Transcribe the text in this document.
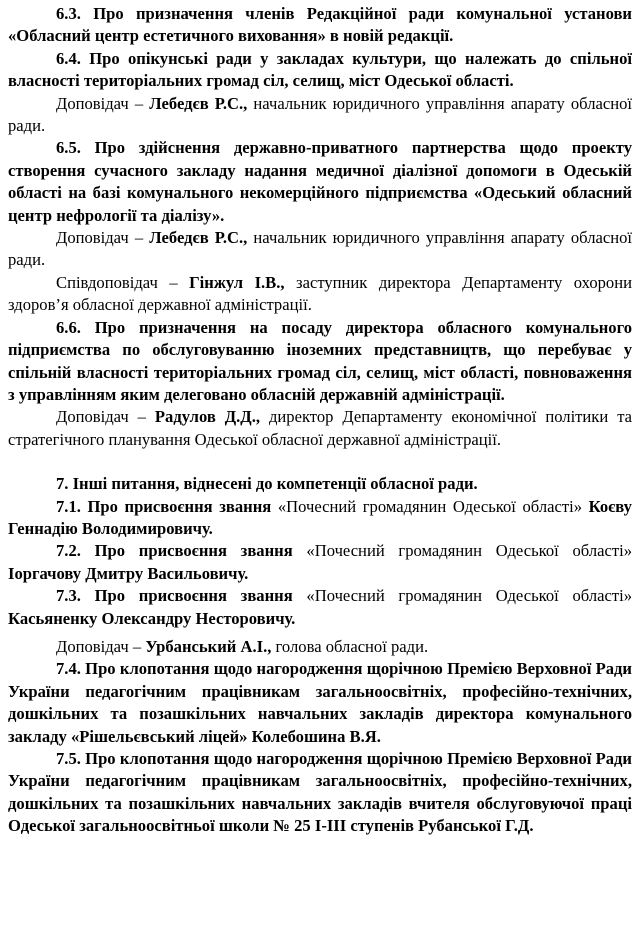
6.3. Про призначення членів Редакційної ради комунальної установи «Обласний центр естетичного виховання» в новій редакції.

6.4. Про опікунські ради у закладах культури, що належать до спільної власності територіальних громад сіл, селищ, міст Одеської області.

Доповідач – Лебедєв Р.С., начальник юридичного управління апарату обласної ради.

6.5. Про здійснення державно-приватного партнерства щодо проекту створення сучасного закладу надання медичної діалізної допомоги в Одеській області на базі комунального некомерційного підприємства «Одеський обласний центр нефрології та діалізу».

Доповідач – Лебедєв Р.С., начальник юридичного управління апарату обласної ради.

Співдоповідач – Гінжул І.В., заступник директора Департаменту охорони здоров’я обласної державної адміністрації.

6.6. Про призначення на посаду директора обласного комунального підприємства по обслуговуванню іноземних представництв, що перебуває у спільній власності територіальних громад сіл, селищ, міст області, повноваження з управлінням яким делеговано обласній державній адміністрації.

Доповідач – Радулов Д.Д., директор Департаменту економічної політики та стратегічного планування Одеської обласної державної адміністрації.

7. Інші питання, віднесені до компетенції обласної ради.

7.1. Про присвоєння звання «Почесний громадянин Одеської області» Коєву Геннадію Володимировичу.

7.2. Про присвоєння звання «Почесний громадянин Одеської області» Іоргачову Дмитру Васильовичу.

7.3. Про присвоєння звання «Почесний громадянин Одеської області» Касьяненку Олександру Несторовичу.

Доповідач – Урбанський А.І., голова обласної ради.

7.4. Про клопотання щодо нагородження щорічною Премією Верховної Ради України педагогічним працівникам загальноосвітніх, професійно-технічних, дошкільних та позашкільних навчальних закладів директора комунального закладу «Рішельєвський ліцей» Колебошина В.Я.

7.5. Про клопотання щодо нагородження щорічною Премією Верховної Ради України педагогічним працівникам загальноосвітніх, професійно-технічних, дошкільних та позашкільних навчальних закладів вчителя обслуговуючої праці Одеської загальноосвітньої школи № 25 І-ІІІ ступенів Рубанської Г.Д.
